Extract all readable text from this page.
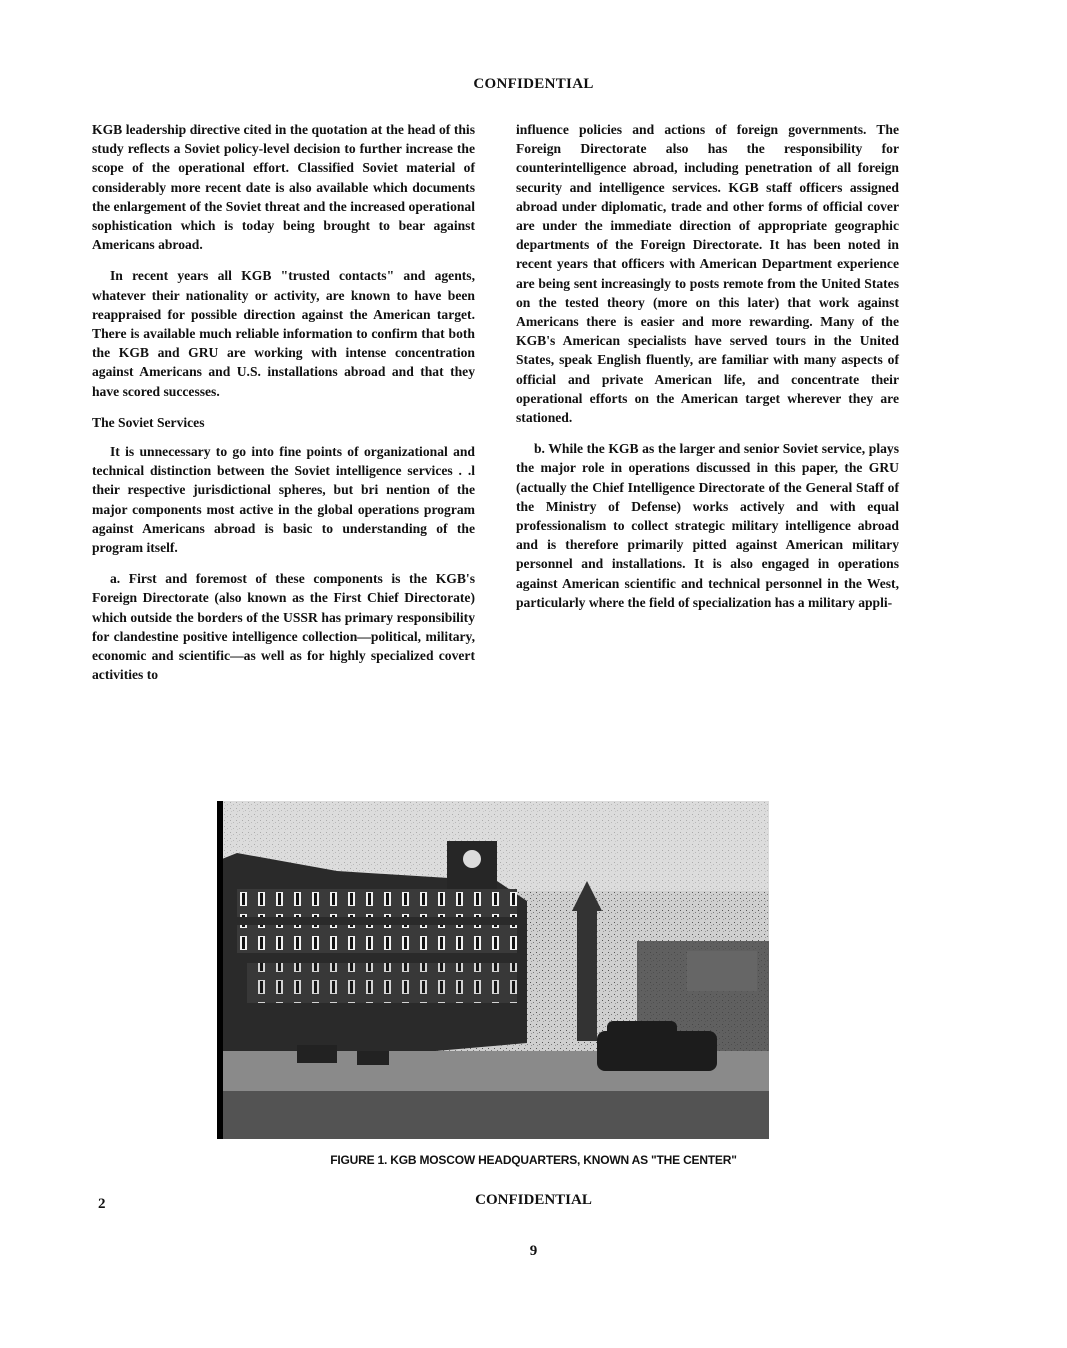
CONFIDENTIAL

KGB leadership directive cited in the quotation at the head of this study reflects a Soviet policy-level decision to further increase the scope of the operational effort. Classified Soviet material of considerably more recent date is also available which documents the enlargement of the Soviet threat and the increased operational sophistication which is today being brought to bear against Americans abroad.

In recent years all KGB "trusted contacts" and agents, whatever their nationality or activity, are known to have been reappraised for possible direction against the American target. There is available much reliable information to confirm that both the KGB and GRU are working with intense concentration against Americans and U.S. installations abroad and that they have scored successes.

The Soviet Services

It is unnecessary to go into fine points of organizational and technical distinction between the Soviet intelligence services . .l their respective jurisdictional spheres, but bri nention of the major components most active in the global operations program against Americans abroad is basic to understanding of the program itself.

a. First and foremost of these components is the KGB's Foreign Directorate (also known as the First Chief Directorate) which outside the borders of the USSR has primary responsibility for clandestine positive intelligence collection—political, military, economic and scientific—as well as for highly specialized covert activities to

influence policies and actions of foreign governments. The Foreign Directorate also has the responsibility for counterintelligence abroad, including penetration of all foreign security and intelligence services. KGB staff officers assigned abroad under diplomatic, trade and other forms of official cover are under the immediate direction of appropriate geographic departments of the Foreign Directorate. It has been noted in recent years that officers with American Department experience are being sent increasingly to posts remote from the United States on the tested theory (more on this later) that work against Americans there is easier and more rewarding. Many of the KGB's American specialists have served tours in the United States, speak English fluently, are familiar with many aspects of official and private American life, and concentrate their operational efforts on the American target wherever they are stationed.

b. While the KGB as the larger and senior Soviet service, plays the major role in operations discussed in this paper, the GRU (actually the Chief Intelligence Directorate of the General Staff of the Ministry of Defense) works actively and with equal professionalism to collect strategic military intelligence abroad and is therefore primarily pitted against American military personnel and installations. It is also engaged in operations against American scientific and technical personnel in the West, particularly where the field of specialization has a military appli-

FIGURE 1. KGB MOSCOW HEADQUARTERS, KNOWN AS "THE CENTER"
2	CONFIDENTIAL
9
